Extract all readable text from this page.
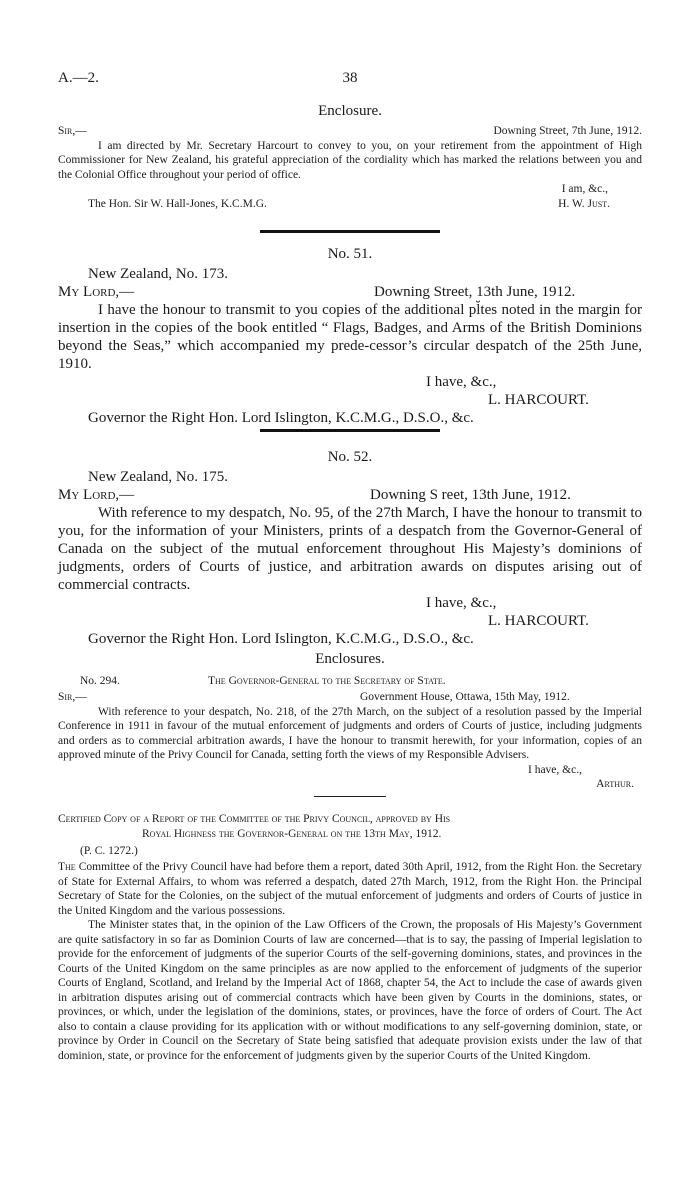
A.—2.	38
Enclosure.
Sir,—	Downing Street, 7th June, 1912.

I am directed by Mr. Secretary Harcourt to convey to you, on your retirement from the appointment of High Commissioner for New Zealand, his grateful appreciation of the cordiality which has marked the relations between you and the Colonial Office throughout your period of office.

I am, &c.,
The Hon. Sir W. Hall-Jones, K.C.M.G.	H. W. Just.
No. 51.
New Zealand, No. 173.
My Lord,—	Downing Street, 13th June, 1912.

I have the honour to transmit to you copies of the additional pl̆tes noted in the margin for insertion in the copies of the book entitled “ Flags, Badges, and Arms of the British Dominions beyond the Seas,” which accompanied my prede-cessor’s circular despatch of the 25th June, 1910.

I have, &c.,
L. HARCOURT.
Governor the Right Hon. Lord Islington, K.C.M.G., D.S.O., &c.
No. 52.
New Zealand, No. 175.
My Lord,—	Downing S reet, 13th June, 1912.

With reference to my despatch, No. 95, of the 27th March, I have the honour to transmit to you, for the information of your Ministers, prints of a despatch from the Governor-General of Canada on the subject of the mutual enforcement throughout His Majesty’s dominions of judgments, orders of Courts of justice, and arbitration awards on disputes arising out of commercial contracts.

I have, &c.,
L. HARCOURT.
Governor the Right Hon. Lord Islington, K.C.M.G., D.S.O., &c.
Enclosures.
No. 294.	The Governor-General to the Secretary of State.
Sir,—	Government House, Ottawa, 15th May, 1912.

With reference to your despatch, No. 218, of the 27th March, on the subject of a resolution passed by the Imperial Conference in 1911 in favour of the mutual enforcement of judgments and orders of Courts of justice, including judgments and orders as to commercial arbitration awards, I have the honour to transmit herewith, for your information, copies of an approved minute of the Privy Council for Canada, setting forth the views of my Responsible Advisers.

I have, &c.,
Arthur.
Certified Copy of a Report of the Committee of the Privy Council, approved by His
Royal Highness the Governor-General on the 13th May, 1912.
(P. C. 1272.)

The Committee of the Privy Council have had before them a report, dated 30th April, 1912, from the Right Hon. the Secretary of State for External Affairs, to whom was referred a despatch, dated 27th March, 1912, from the Right Hon. the Principal Secretary of State for the Colonies, on the subject of the mutual enforcement of judgments and orders of Courts of justice in the United Kingdom and the various possessions.

The Minister states that, in the opinion of the Law Officers of the Crown, the proposals of His Majesty’s Government are quite satisfactory in so far as Dominion Courts of law are concerned—that is to say, the passing of Imperial legislation to provide for the enforcement of judgments of the superior Courts of the self-governing dominions, states, and provinces in the Courts of the United Kingdom on the same principles as are now applied to the enforcement of judgments of the superior Courts of England, Scotland, and Ireland by the Imperial Act of 1868, chapter 54, the Act to include the case of awards given in arbitration disputes arising out of commercial contracts which have been given by Courts in the dominions, states, or provinces, or which, under the legislation of the dominions, states, or provinces, have the force of orders of Court. The Act also to contain a clause providing for its application with or without modifications to any self-governing dominion, state, or province by Order in Council on the Secretary of State being satisfied that adequate provision exists under the law of that dominion, state, or province for the enforcement of judgments given by the superior Courts of the United Kingdom.
